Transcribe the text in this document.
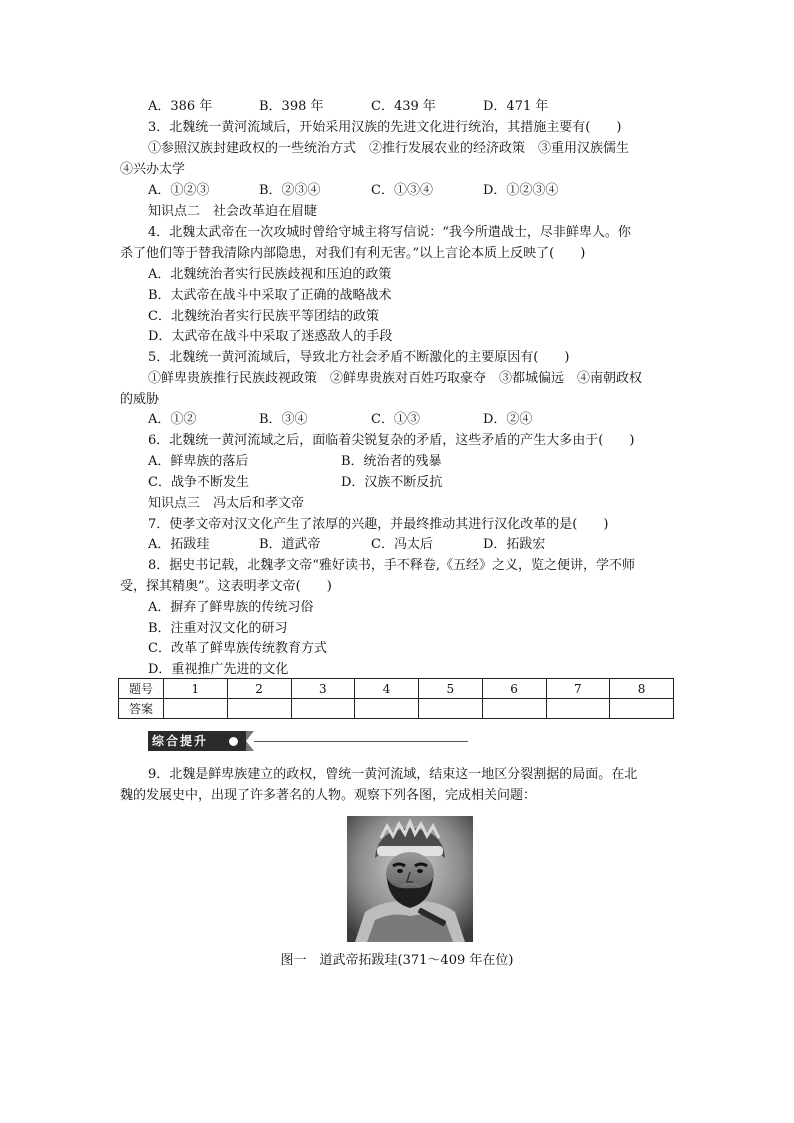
A．386 年	B．398 年	C．439 年	D．471 年
3．北魏统一黄河流域后，开始采用汉族的先进文化进行统治，其措施主要有(　　)
①参照汉族封建政权的一些统治方式　②推行发展农业的经济政策　③重用汉族儒生
④兴办太学
A．①②③	B．②③④	C．①③④	D．①②③④
知识点二　社会改革迫在眉睫
4．北魏太武帝在一次攻城时曾给守城主将写信说：“我今所遣战士，尽非鲜卑人。你
杀了他们等于替我清除内部隐患，对我们有利无害。”以上言论本质上反映了(　　)
A．北魏统治者实行民族歧视和压迫的政策
B．太武帝在战斗中采取了正确的战略战术
C．北魏统治者实行民族平等团结的政策
D．太武帝在战斗中采取了迷惑敌人的手段
5．北魏统一黄河流域后，导致北方社会矛盾不断激化的主要原因有(　　)
①鲜卑贵族推行民族歧视政策　②鲜卑贵族对百姓巧取豪夺　③都城偏远　④南朝政权
的威胁
A．①②	B．③④	C．①③	D．②④
6．北魏统一黄河流域之后，面临着尖锐复杂的矛盾，这些矛盾的产生大多由于(　　)
A．鲜卑族的落后	B．统治者的残暴
C．战争不断发生	D．汉族不断反抗
知识点三　冯太后和孝文帝
7．使孝文帝对汉文化产生了浓厚的兴趣，并最终推动其进行汉化改革的是(　　)
A．拓跋珪	B．道武帝	C．冯太后	D．拓跋宏
8．据史书记载，北魏孝文帝“雅好读书，手不释卷,《五经》之义，览之便讲，学不师
受，探其精奥”。这表明孝文帝(　　)
A．摒弃了鲜卑族的传统习俗
B．注重对汉文化的研习
C．改革了鲜卑族传统教育方式
D．重视推广先进的文化
题号	1	2	3	4	5	6	7	8
答案								
综合提升
9．北魏是鲜卑族建立的政权，曾统一黄河流域，结束这一地区分裂割据的局面。在北
魏的发展史中，出现了许多著名的人物。观察下列各图，完成相关问题：
图一　道武帝拓跋珪(371～409 年在位)
